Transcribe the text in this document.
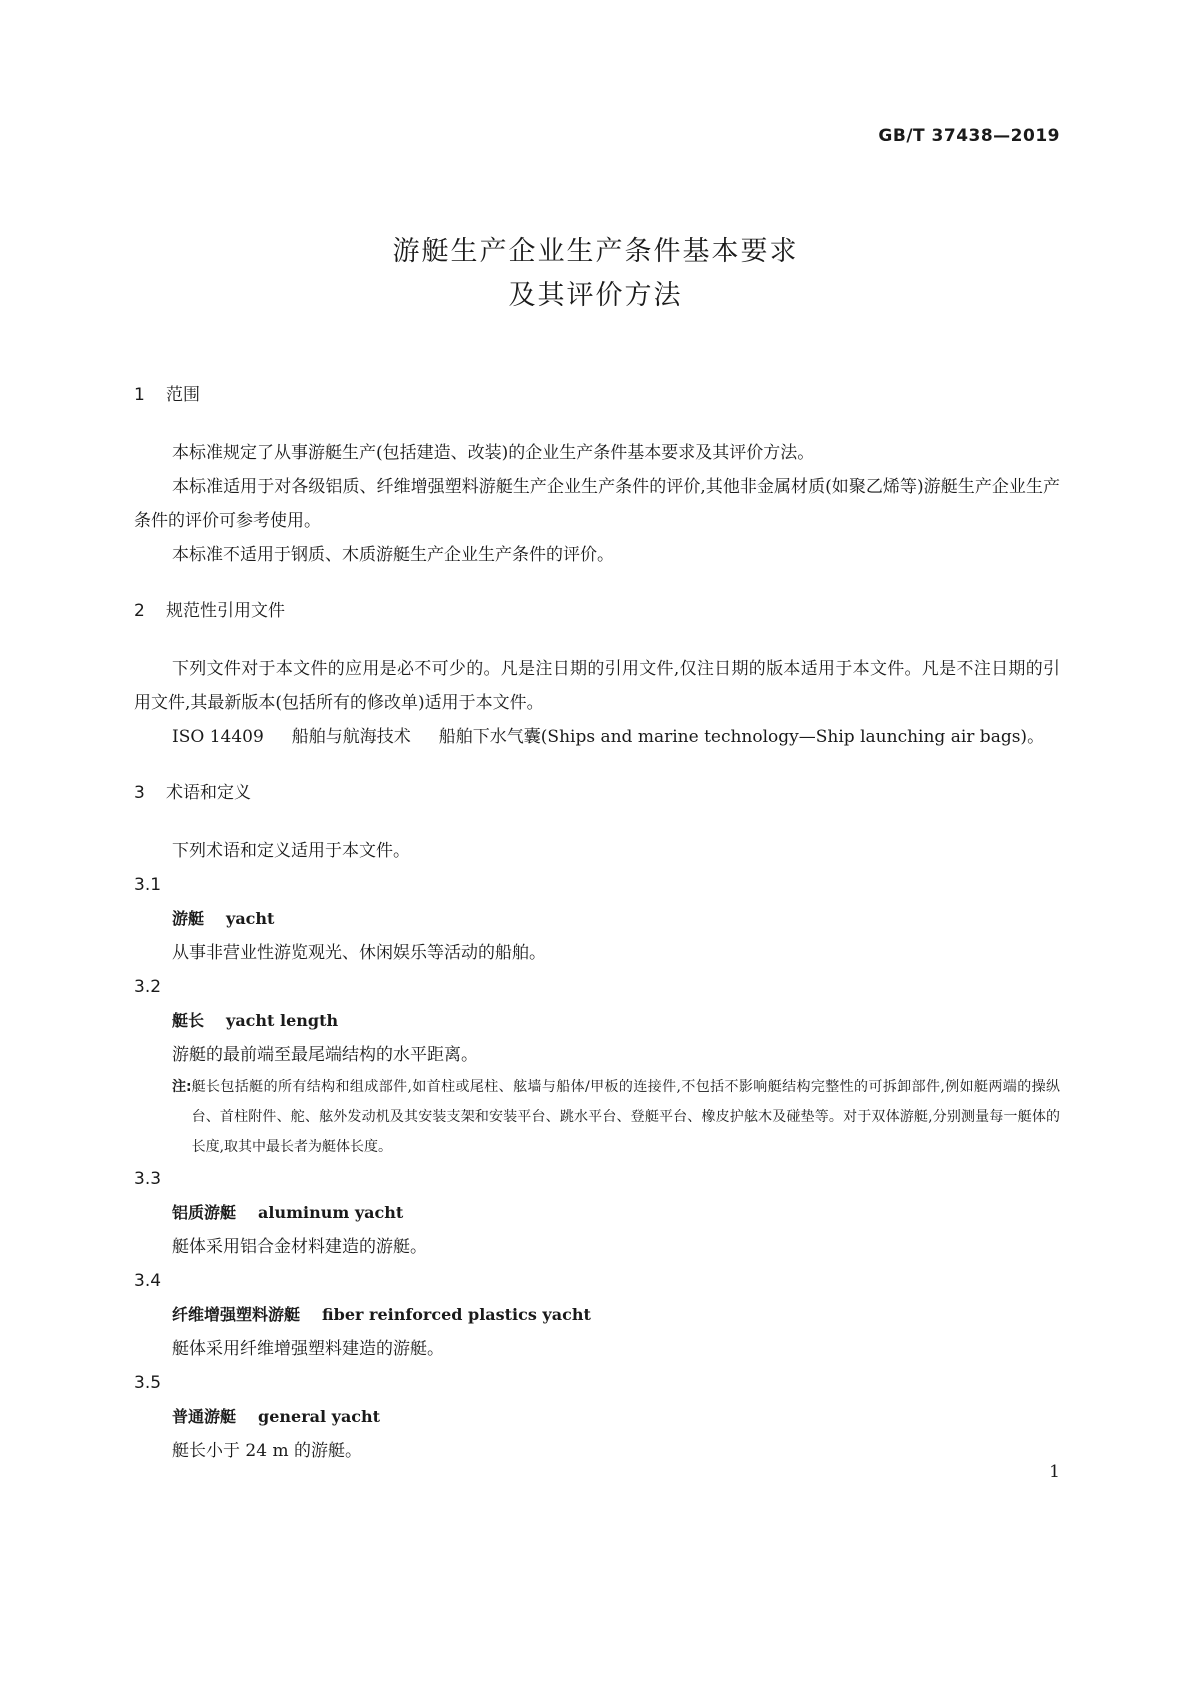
GB/T 37438—2019
游艇生产企业生产条件基本要求
及其评价方法
1 范围
本标准规定了从事游艇生产(包括建造、改装)的企业生产条件基本要求及其评价方法。
本标准适用于对各级铝质、纤维增强塑料游艇生产企业生产条件的评价,其他非金属材质(如聚乙烯等)游艇生产企业生产条件的评价可参考使用。
本标准不适用于钢质、木质游艇生产企业生产条件的评价。
2 规范性引用文件
下列文件对于本文件的应用是必不可少的。凡是注日期的引用文件,仅注日期的版本适用于本文件。凡是不注日期的引用文件,其最新版本(包括所有的修改单)适用于本文件。
ISO 14409 船舶与航海技术 船舶下水气囊(Ships and marine technology—Ship launching air bags)。
3 术语和定义
下列术语和定义适用于本文件。
3.1
游艇 yacht
从事非营业性游览观光、休闲娱乐等活动的船舶。
3.2
艇长 yacht length
游艇的最前端至最尾端结构的水平距离。
注: 艇长包括艇的所有结构和组成部件,如首柱或尾柱、舷墙与船体/甲板的连接件,不包括不影响艇结构完整性的可拆卸部件,例如艇两端的操纵台、首柱附件、舵、舷外发动机及其安装支架和安装平台、跳水平台、登艇平台、橡皮护舷木及碰垫等。对于双体游艇,分别测量每一艇体的长度,取其中最长者为艇体长度。
3.3
铝质游艇 aluminum yacht
艇体采用铝合金材料建造的游艇。
3.4
纤维增强塑料游艇 fiber reinforced plastics yacht
艇体采用纤维增强塑料建造的游艇。
3.5
普通游艇 general yacht
艇长小于 24 m 的游艇。
1
